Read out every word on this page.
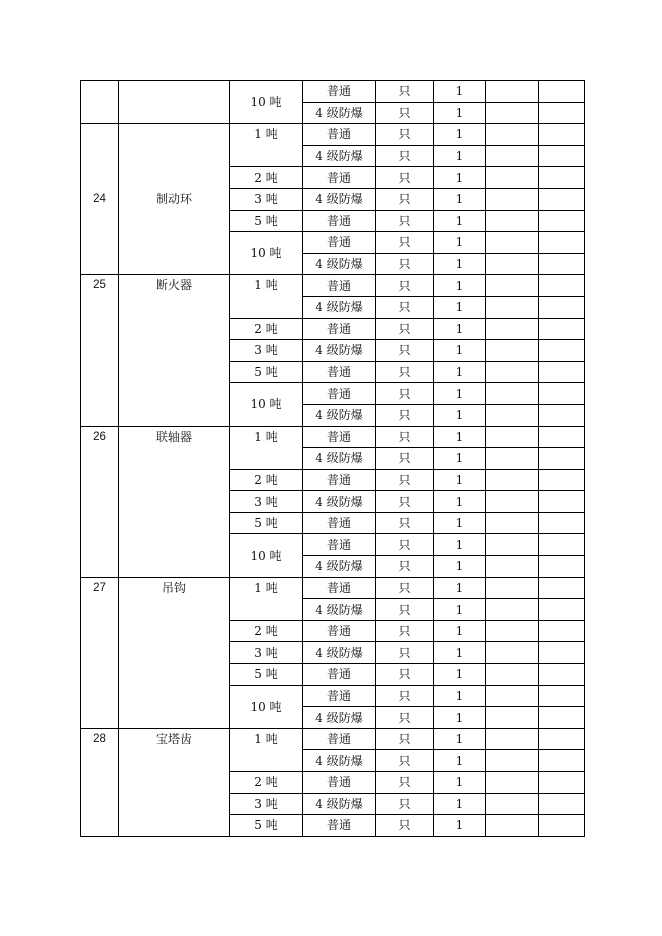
		10 吨	普通	只	1		
			4 级防爆	只	1		
24	制动环	1 吨	普通	只	1		
			4 级防爆	只	1		
		2 吨	普通	只	1		
		3 吨	4 级防爆	只	1		
		5 吨	普通	只	1		
		10 吨	普通	只	1		
			4 级防爆	只	1		
25	断火器	1 吨	普通	只	1		
			4 级防爆	只	1		
		2 吨	普通	只	1		
		3 吨	4 级防爆	只	1		
		5 吨	普通	只	1		
		10 吨	普通	只	1		
			4 级防爆	只	1		
26	联轴器	1 吨	普通	只	1		
			4 级防爆	只	1		
		2 吨	普通	只	1		
		3 吨	4 级防爆	只	1		
		5 吨	普通	只	1		
		10 吨	普通	只	1		
			4 级防爆	只	1		
27	吊钩	1 吨	普通	只	1		
			4 级防爆	只	1		
		2 吨	普通	只	1		
		3 吨	4 级防爆	只	1		
		5 吨	普通	只	1		
		10 吨	普通	只	1		
			4 级防爆	只	1		
28	宝塔齿	1 吨	普通	只	1		
			4 级防爆	只	1		
		2 吨	普通	只	1		
		3 吨	4 级防爆	只	1		
		5 吨	普通	只	1		
